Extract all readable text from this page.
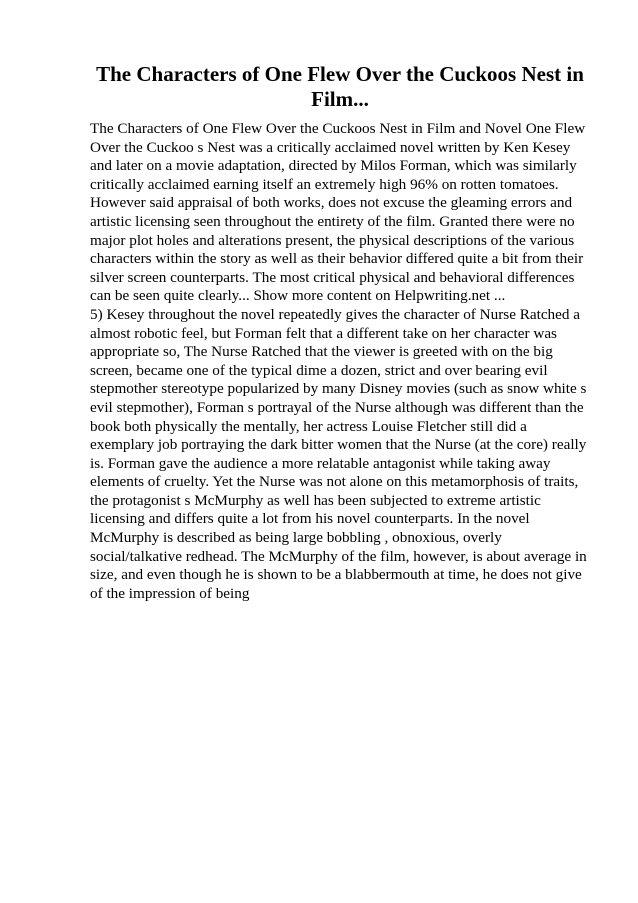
The Characters of One Flew Over the Cuckoos Nest in Film...

The Characters of One Flew Over the Cuckoos Nest in Film and Novel One Flew Over the Cuckoo s Nest was a critically acclaimed novel written by Ken Kesey and later on a movie adaptation, directed by Milos Forman, which was similarly critically acclaimed earning itself an extremely high 96% on rotten tomatoes. However said appraisal of both works, does not excuse the gleaming errors and artistic licensing seen throughout the entirety of the film. Granted there were no major plot holes and alterations present, the physical descriptions of the various characters within the story as well as their behavior differed quite a bit from their silver screen counterparts. The most critical physical and behavioral differences can be seen quite clearly... Show more content on Helpwriting.net ...
5) Kesey throughout the novel repeatedly gives the character of Nurse Ratched a almost robotic feel, but Forman felt that a different take on her character was appropriate so, The Nurse Ratched that the viewer is greeted with on the big screen, became one of the typical dime a dozen, strict and over bearing evil stepmother stereotype popularized by many Disney movies (such as snow white s evil stepmother), Forman s portrayal of the Nurse although was different than the book both physically the mentally, her actress Louise Fletcher still did a exemplary job portraying the dark bitter women that the Nurse (at the core) really is. Forman gave the audience a more relatable antagonist while taking away elements of cruelty. Yet the Nurse was not alone on this metamorphosis of traits, the protagonist s McMurphy as well has been subjected to extreme artistic licensing and differs quite a lot from his novel counterparts. In the novel McMurphy is described as being large bobbling , obnoxious, overly social/talkative redhead. The McMurphy of the film, however, is about average in size, and even though he is shown to be a blabbermouth at time, he does not give of the impression of being
